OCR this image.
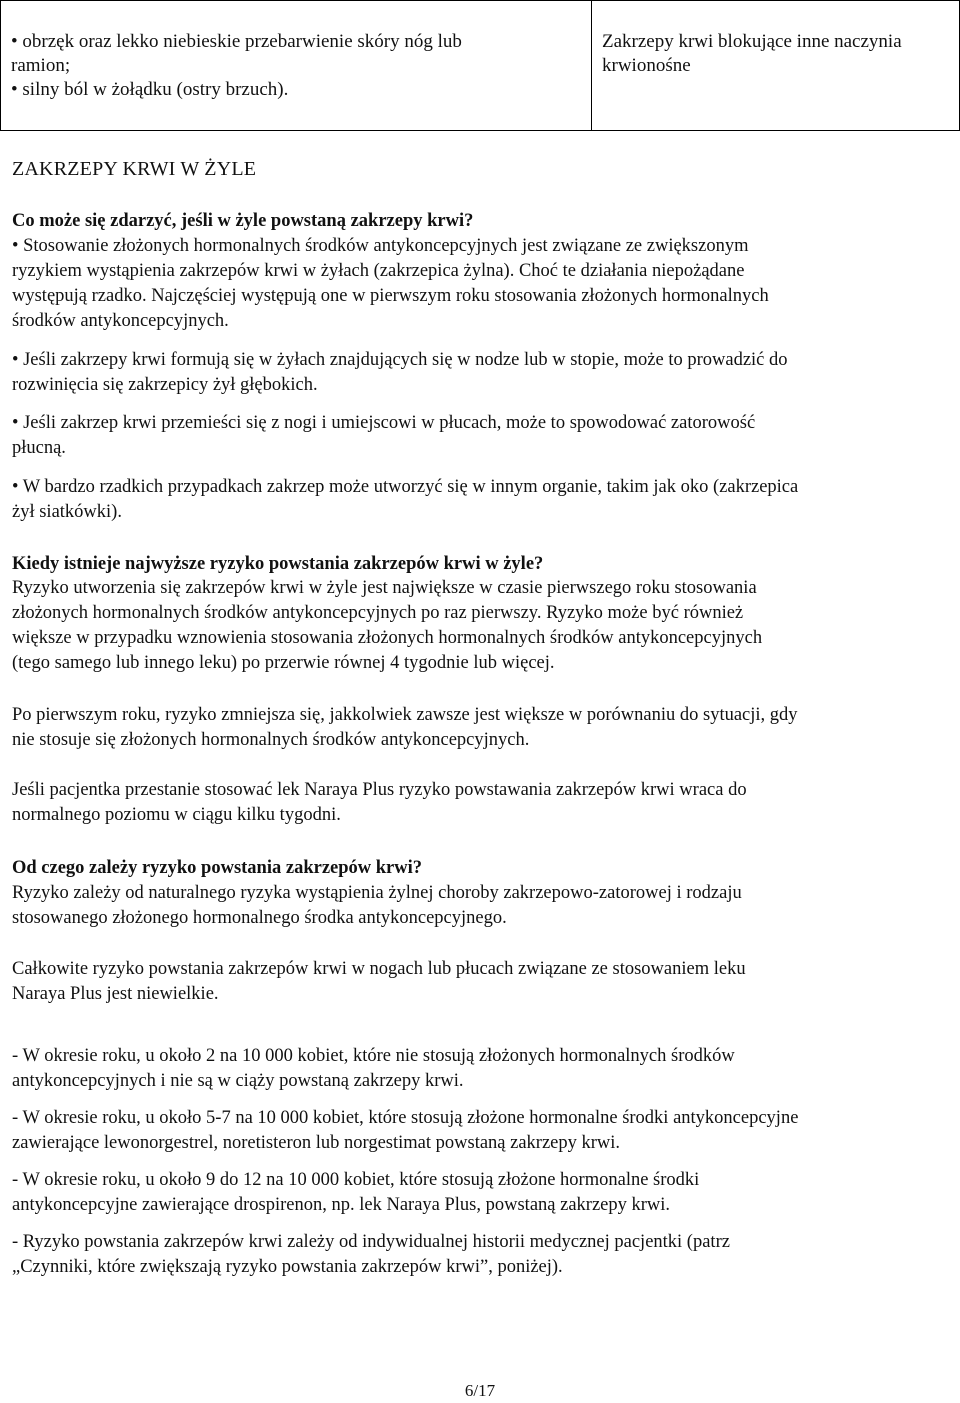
• obrzęk oraz lekko niebieskie przebarwienie skóry nóg lub
ramion;
• silny ból w żołądku (ostry brzuch).

Zakrzepy krwi blokujące inne naczynia
krwionośne
ZAKRZEPY KRWI W ŻYLE
Co może się zdarzyć, jeśli w żyle powstaną zakrzepy krwi?
• Stosowanie złożonych hormonalnych środków antykoncepcyjnych jest związane ze zwiększonym
ryzykiem wystąpienia zakrzepów krwi w żyłach (zakrzepica żylna). Choć te działania niepożądane
występują rzadko. Najczęściej występują one w pierwszym roku stosowania złożonych hormonalnych
środków antykoncepcyjnych.
• Jeśli zakrzepy krwi formują się w żyłach znajdujących się w nodze lub w stopie, może to prowadzić do
rozwinięcia się zakrzepicy żył głębokich.
• Jeśli zakrzep krwi przemieści się z nogi i umiejscowi w płucach, może to spowodować zatorowość
płucną.
• W bardzo rzadkich przypadkach zakrzep może utworzyć się w innym organie, takim jak oko (zakrzepica
żył siatkówki).
Kiedy istnieje najwyższe ryzyko powstania zakrzepów krwi w żyle?
Ryzyko utworzenia się zakrzepów krwi w żyle jest największe w czasie pierwszego roku stosowania
złożonych hormonalnych środków antykoncepcyjnych po raz pierwszy. Ryzyko może być również
większe w przypadku wznowienia stosowania złożonych hormonalnych środków antykoncepcyjnych
(tego samego lub innego leku) po przerwie równej 4 tygodnie lub więcej.
Po pierwszym roku, ryzyko zmniejsza się, jakkolwiek zawsze jest większe w porównaniu do sytuacji, gdy
nie stosuje się złożonych hormonalnych środków antykoncepcyjnych.
Jeśli pacjentka przestanie stosować lek Naraya Plus ryzyko powstawania zakrzepów krwi wraca do
normalnego poziomu w ciągu kilku tygodni.
Od czego zależy ryzyko powstania zakrzepów krwi?
Ryzyko zależy od naturalnego ryzyka wystąpienia żylnej choroby zakrzepowo-zatorowej i rodzaju
stosowanego złożonego hormonalnego środka antykoncepcyjnego.
Całkowite ryzyko powstania zakrzepów krwi w nogach lub płucach związane ze stosowaniem leku
Naraya Plus jest niewielkie.
- W okresie roku, u około 2 na 10 000 kobiet, które nie stosują złożonych hormonalnych środków
antykoncepcyjnych i nie są w ciąży powstaną zakrzepy krwi.
- W okresie roku, u około 5-7 na 10 000 kobiet, które stosują złożone hormonalne środki antykoncepcyjne
zawierające lewonorgestrel, noretisteron lub norgestimat powstaną zakrzepy krwi.
- W okresie roku, u około 9 do 12 na 10 000 kobiet, które stosują złożone hormonalne środki
antykoncepcyjne zawierające drospirenon, np. lek Naraya Plus, powstaną zakrzepy krwi.
- Ryzyko powstania zakrzepów krwi zależy od indywidualnej historii medycznej pacjentki (patrz
„Czynniki, które zwiększają ryzyko powstania zakrzepów krwi”, poniżej).
6/17
